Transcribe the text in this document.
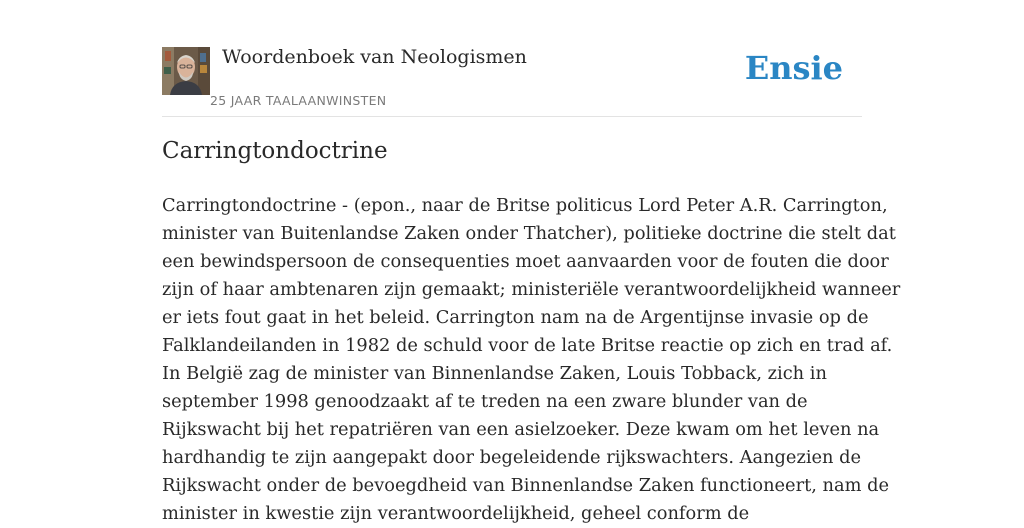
Woordenboek van Neologismen
25 JAAR TAALAANWINSTEN
Ensie
Carringtondoctrine

Carringtondoctrine - (epon., naar de Britse politicus Lord Peter A.R. Carrington,
minister van Buitenlandse Zaken onder Thatcher), politieke doctrine die stelt dat
een bewindspersoon de consequenties moet aanvaarden voor de fouten die door
zijn of haar ambtenaren zijn gemaakt; ministeriële verantwoordelijkheid wanneer
er iets fout gaat in het beleid. Carrington nam na de Argentijnse invasie op de
Falklandeilanden in 1982 de schuld voor de late Britse reactie op zich en trad af.
In België zag de minister van Binnenlandse Zaken, Louis Tobback, zich in
september 1998 genoodzaakt af te treden na een zware blunder van de
Rijkswacht bij het repatriëren van een asielzoeker. Deze kwam om het leven na
hardhandig te zijn aangepakt door begeleidende rijkswachters. Aangezien de
Rijkswacht onder de bevoegdheid van Binnenlandse Zaken functioneert, nam de
minister in kwestie zijn verantwoordelijkheid, geheel conform de
